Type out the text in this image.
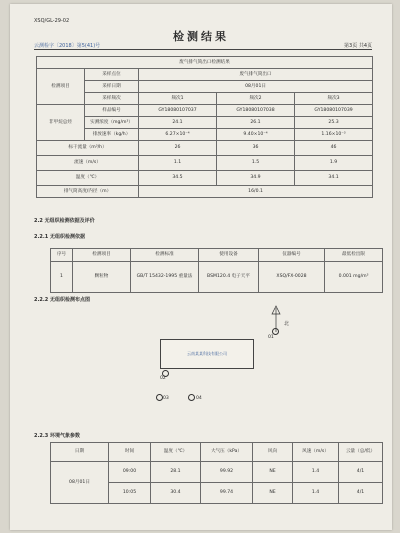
XSQ/GL-29-02
检测结果
云测检字〔2018〕第5(41)号	第3页 共4页
废气排气筒出口检测结果				
检测项目	采样点位	废气排气筒出口		
	采样日期	08月01日		
	采样频次	频次1	频次2	频次3
非甲烷总烃	样品编号	GY18080107037	GY18080107038	GY18080107039
	实测浓度（mg/m³）	24.1	26.1	25.3
	排放速率（kg/h）	6.27×10⁻⁴	9.40×10⁻⁴	1.16×10⁻³
标干流量（m³/h）		26	36	46
流速（m/s）		1.1	1.5	1.9
温度（℃）		34.5	34.9	34.1
排气筒高度/内径（m）		16/0.1		
2.2 无组织检测依据及评价
2.2.1 无组织检测依据
序号	检测项目	检测标准	使用设备	仪器编号	最低检出限
1	颗粒物	GB/T 15432-1995 重量法	BSM120.4 电子天平	XSQ/FX-0028	0.001 mg/m³
2.2.2 无组织检测布点图
北
云南某某科技有限公司
01
02
03	04
2.2.3 环境气象参数
日期	时间	温度（℃）	大气压（kPa）	风向	风速（m/s）	云量（总/低）
08月01日	09:00	28.1	99.92	NE	1.4	4/1
	10:05	30.4	99.74	NE	1.4	4/1
